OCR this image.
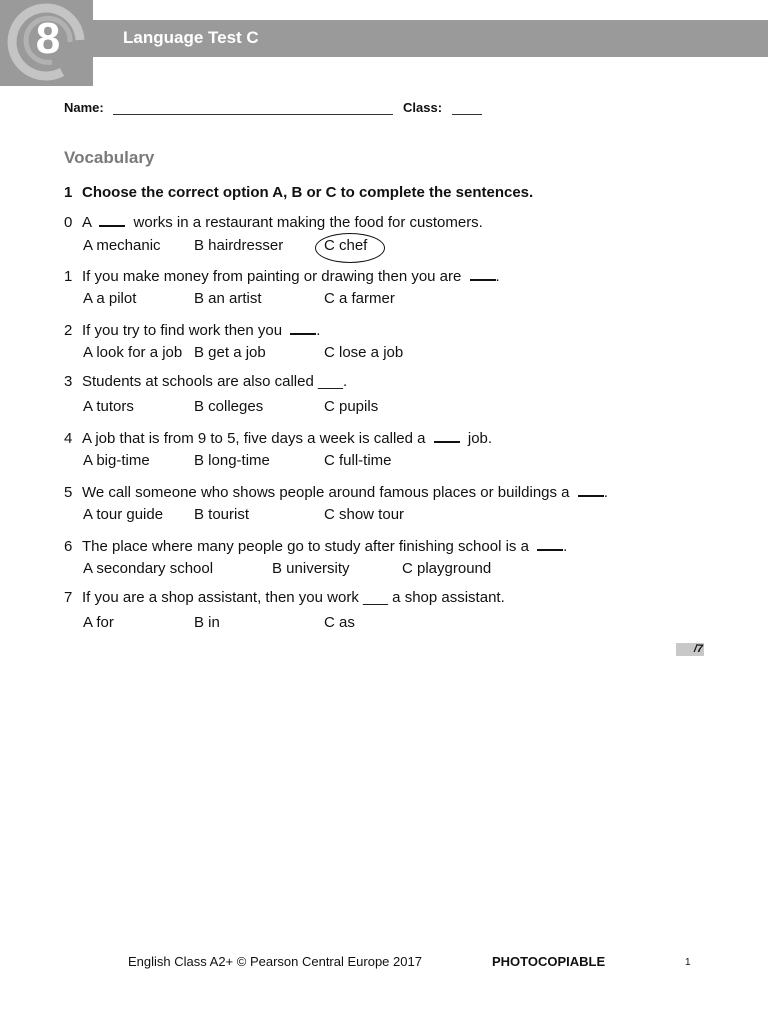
8	Language Test C
Name:	Class:
Vocabulary
1 Choose the correct option A, B or C to complete the sentences.
0 A	works in a restaurant making the food for customers.
A mechanic B hairdresser	C chef
1 If you make money from painting or drawing then you are .
A a pilot	B an artist	C a farmer
2 If you try to find work then you .
A look for a job B get a job	C lose a job
3 Students at schools are also called ___.
A tutors	B colleges	C pupils
4 A job that is from 9 to 5, five days a week is called a	job.
A big-time	B long-time	C full-time
5 We call someone who shows people around famous places or buildings a .
A tour guide B tourist	C show tour
6 The place where many people go to study after finishing school is a .
A secondary school	B university	C playground
7 If you are a shop assistant, then you work ___ a shop assistant.
A for	B in	C as
/7
English Class A2+ © Pearson Central Europe 2017	PHOTOCOPIABLE	1
